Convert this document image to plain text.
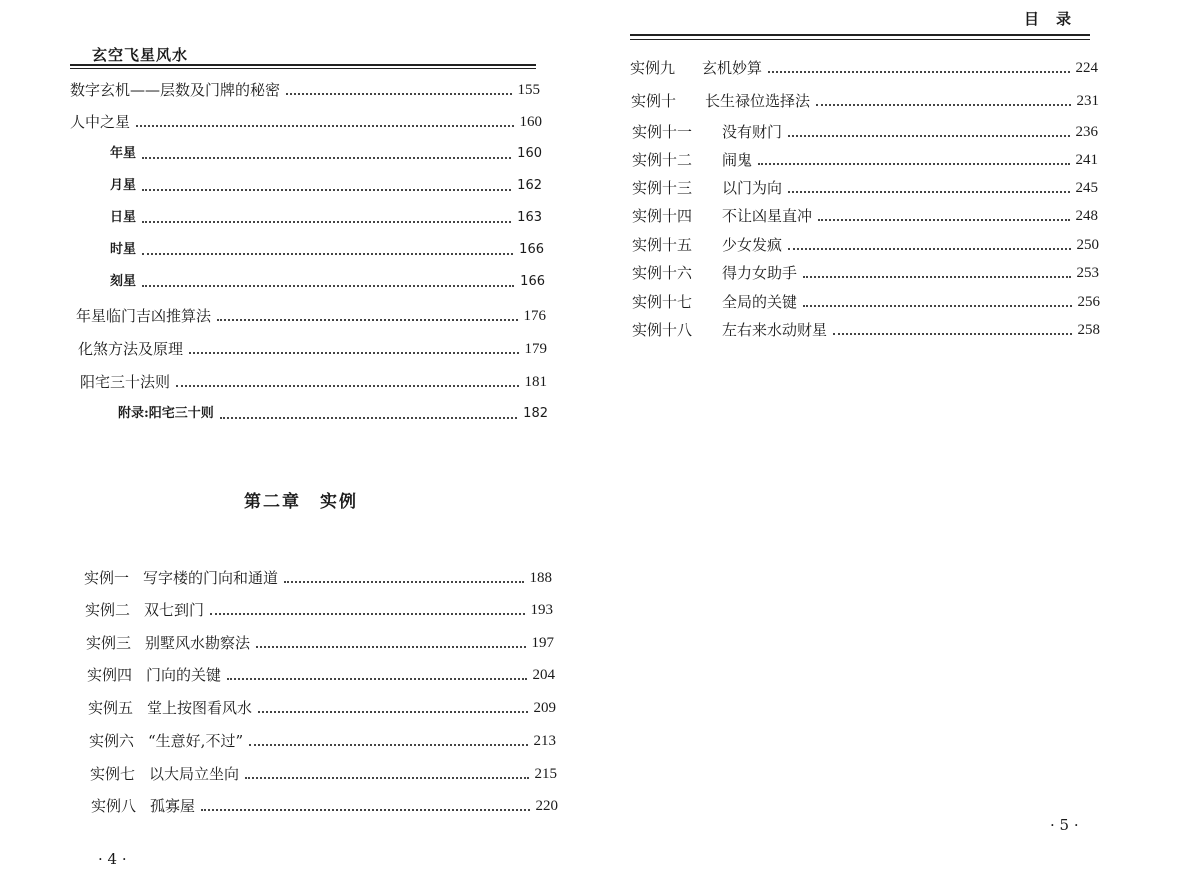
玄空飞星风水
数字玄机——层数及门牌的秘密	155
人中之星	160
年星	160
月星	162
日星	163
时星	166
刻星	166
年星临门吉凶推算法	176
化煞方法及原理	179
阳宅三十法则	181
附录:阳宅三十则	182
第二章　实例
实例一 写字楼的门向和通道	188
实例二 双七到门	193
实例三 别墅风水勘察法	197
实例四 门向的关键	204
实例五 堂上按图看风水	209
实例六 “生意好,不过”	213
实例七 以大局立坐向	215
实例八 孤寡屋	220
· 4 ·
目　录
实例九	玄机妙算	224
实例十	长生禄位选择法	231
实例十一	没有财门	236
实例十二	闹鬼	241
实例十三	以门为向	245
实例十四	不让凶星直冲	248
实例十五	少女发疯	250
实例十六	得力女助手	253
实例十七	全局的关键	256
实例十八	左右来水动财星	258
· 5 ·
